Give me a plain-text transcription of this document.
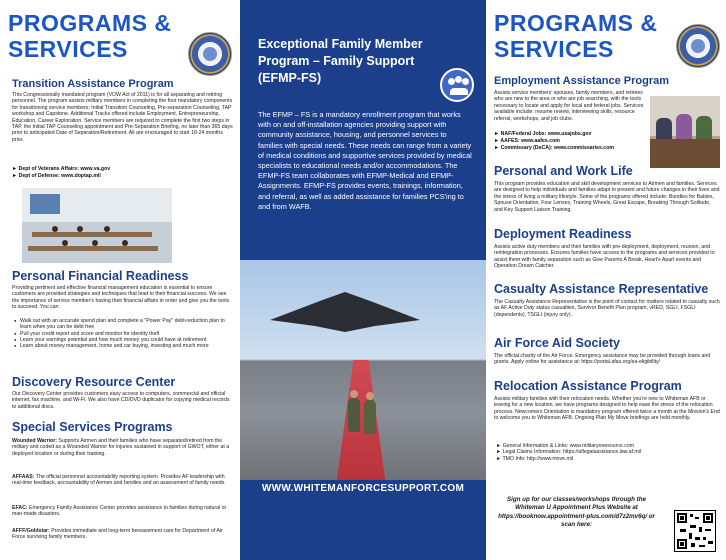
PROGRAMS &
SERVICES
Transition Assistance Program
This Congressionally mandated program (VOW Act of 2011) is for all separating and retiring personnel. The program assists military members in completing the four mandatory components for transitioning service members; Initial Transition Counseling, Pre-separation Counseling, TAP workshop and Capstone. Additional Tracks offered include Employment, Entrepreneurship, Education, Career Exploration. Service members are required to complete the first two steps in TAP, the Initial TAP Counseling appointment and Pre-Separation Briefing, no later than 365 days prior to anticipated Date of Separation/Retirement. All are encouraged to start 18-24 months prior.
► Dept of Veterans Affairs: www.va.gov
► Dept of Defense: www.doptap.mil
Personal Financial Readiness
Providing pertinent and effective financial management education is essential to ensure customers are provided strategies and techniques that lead to their financial success. We see the importance of service member's having their financial affairs in order and give you the tools to succeed. You can:
● Walk out with an accurate spend plan and complete a "Power Pay" debt-reduction plan to learn when you can be debt free
● Pull your credit report and score and monitor for identity theft
● Learn your earnings potential and how much money you could have at retirement
● Learn about money management, home and car buying, investing and much more
Discovery Resource Center
Our Discovery Center provides customers easy access to computers, commercial and official internet, fax machine, and Wi-Fi. We also have CD/DVD duplicator for copying medical records to additional discs.
Special Services Programs
Wounded Warrior: Supports Airmen and their families who have separated/retired from the military and coded as a Wounded Warrior for injuries sustained in support of GWOT, either at a deployed location or during their training.
AFFAAS: The official personnel accountability reporting system. Provides AF leadership with real-time feedback, accountability of Airmen and families and an assessment of family needs.
EFAC: Emergency Family Assistance Center provides assistance to families during natural or man-made disasters.
AFFF/Goldstar: Provides immediate and long-term bereavement care for Department of Air Force surviving family members.
Exceptional Family Member Program – Family Support (EFMP-FS)
The EFMP – FS is a mandatory enrollment program that works with on and off-installation agencies providing support with community assistance, housing, and personnel services to families with special needs. These needs can range from a variety of medical conditions and supportive services provided by medical specialists to educational needs and/or accommodations. The EFMP-FS team collaborates with EFMP-Medical and EFMP-Assignments. EFMP-FS provides events, trainings, information, and referral, as well as added assistance for families PCS'ing to and from WAFB.
WWW.WHITEMANFORCESUPPORT.COM
PROGRAMS &
SERVICES
Employment Assistance Program
Assists service members' spouses, family members, and retirees who are new to the area or who are job searching, with the tools necessary to locate and apply for local and federal jobs. Services available include: resume review, interviewing skills, resource referral, workshops, and job clubs.
► NAF/Federal Jobs: www.usajobs.gov
► AAFES: www.aafes.com
► Commissary (DeCA): www.commissaries.com
Personal and Work Life
This program provides education and skill development services to Airmen and families. Services are designed to help individuals and families adapt to present and future changes in their lives and the stress of living a military lifestyle. Some of the programs offered include: Bundles for Babies, Spouse Orientation, Four Lenses, Training Wheels, Great Escape, Breaking Through Solitude, and Key Support Liaison Training.
Deployment Readiness
Assists active duty members and their families with pre-deployment, deployment, reunion, and reintegration processes. Ensures families have access to the programs and services provided to assist them with family separation such as Give Parents A Break, Heart's Apart events and Operation Dream Catcher.
Casualty Assistance Representative
The Casualty Assistance Representative is the point of contact for matters related to casualty such as AF Active Duty status casualties, Survivor Benefit Plan program, vRED, SGLI, FSGLI (dependents), TSGLI (injury only).
Air Force Aid Society
The official charity of the Air Force. Emergency assistance may be provided through loans and grants. Apply online for assistance at: https://portal.afas.org/ea-eligibility/
Relocation Assistance Program
Assists military families with their relocation needs. Whether you're new to Whiteman AFB or leaving for a new location, we have programs designed to help ease the stress of the relocation process. Newcomers Orientation is mandatory program offered twice a month at the Mission's End to welcome you to Whiteman AFB. Ongoing Plan My Move briefings are held monthly.
► General Information & Links: www.militaryonesource.com
► Legal Claims Information: https://aflegalassistance.law.af.mil
► TMO Info: http://www.move.mil
Sign up for our classes/workshops through the Whiteman U Appointment Plus Website at https://booknow.appointment-plus.com/d7z2mv6q/ or scan here:
